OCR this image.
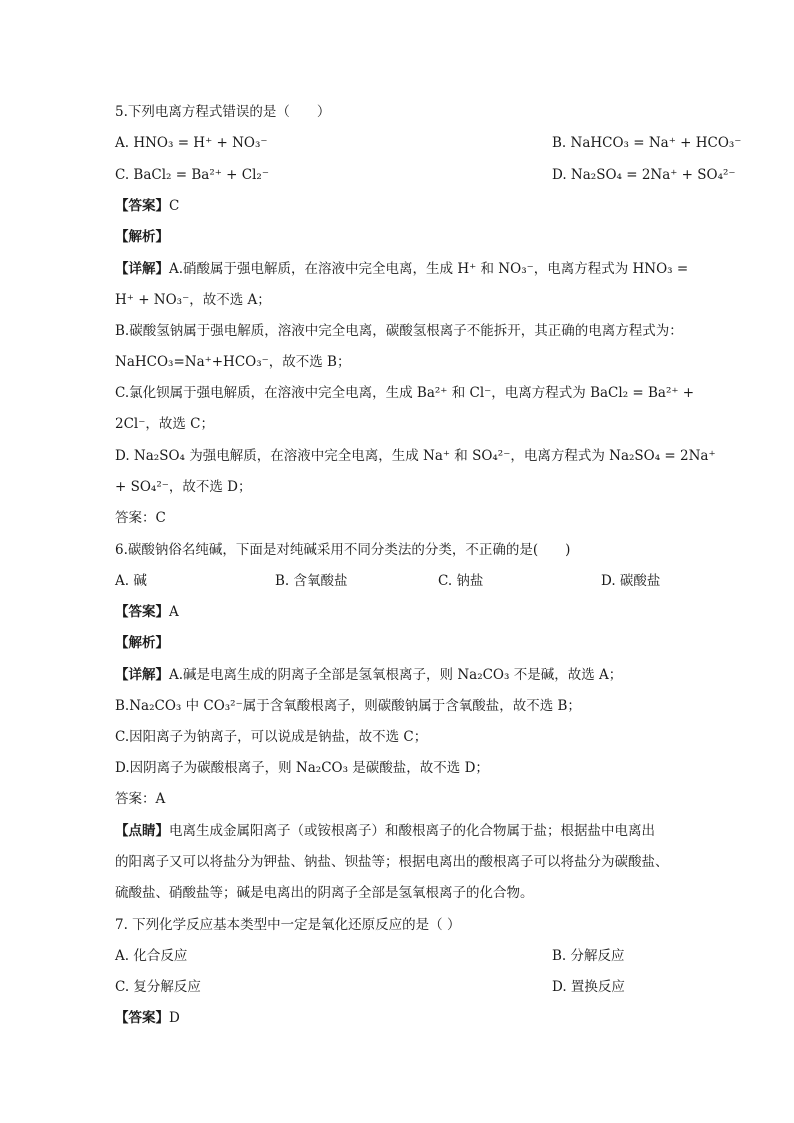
5.下列电离方程式错误的是（　　）
A. HNO₃ = H⁺ + NO₃⁻	B. NaHCO₃ = Na⁺ + HCO₃⁻
C. BaCl₂ = Ba²⁺ + Cl₂⁻	D. Na₂SO₄ = 2Na⁺ + SO₄²⁻
【答案】C
【解析】
【详解】A.硝酸属于强电解质，在溶液中完全电离，生成 H⁺ 和 NO₃⁻，电离方程式为 HNO₃ =
H⁺ + NO₃⁻，故不选 A；
B.碳酸氢钠属于强电解质，溶液中完全电离，碳酸氢根离子不能拆开，其正确的电离方程式为：
NaHCO₃=Na⁺+HCO₃⁻，故不选 B；
C.氯化钡属于强电解质，在溶液中完全电离，生成 Ba²⁺ 和 Cl⁻，电离方程式为 BaCl₂ = Ba²⁺ +
2Cl⁻，故选 C；
D. Na₂SO₄ 为强电解质，在溶液中完全电离，生成 Na⁺ 和 SO₄²⁻，电离方程式为 Na₂SO₄ = 2Na⁺
+ SO₄²⁻，故不选 D；
答案：C
6.碳酸钠俗名纯碱，下面是对纯碱采用不同分类法的分类，不正确的是(　　)
A. 碱	B. 含氧酸盐	C. 钠盐	D. 碳酸盐
【答案】A
【解析】
【详解】A.碱是电离生成的阴离子全部是氢氧根离子，则 Na₂CO₃ 不是碱，故选 A；
B.Na₂CO₃ 中 CO₃²⁻属于含氧酸根离子，则碳酸钠属于含氧酸盐，故不选 B；
C.因阳离子为钠离子，可以说成是钠盐，故不选 C；
D.因阴离子为碳酸根离子，则 Na₂CO₃ 是碳酸盐，故不选 D；
答案：A
【点睛】电离生成金属阳离子（或铵根离子）和酸根离子的化合物属于盐；根据盐中电离出
的阳离子又可以将盐分为钾盐、钠盐、钡盐等；根据电离出的酸根离子可以将盐分为碳酸盐、
硫酸盐、硝酸盐等；碱是电离出的阴离子全部是氢氧根离子的化合物。
7. 下列化学反应基本类型中一定是氧化还原反应的是（ ）
A. 化合反应	B. 分解反应
C. 复分解反应	D. 置换反应
【答案】D
